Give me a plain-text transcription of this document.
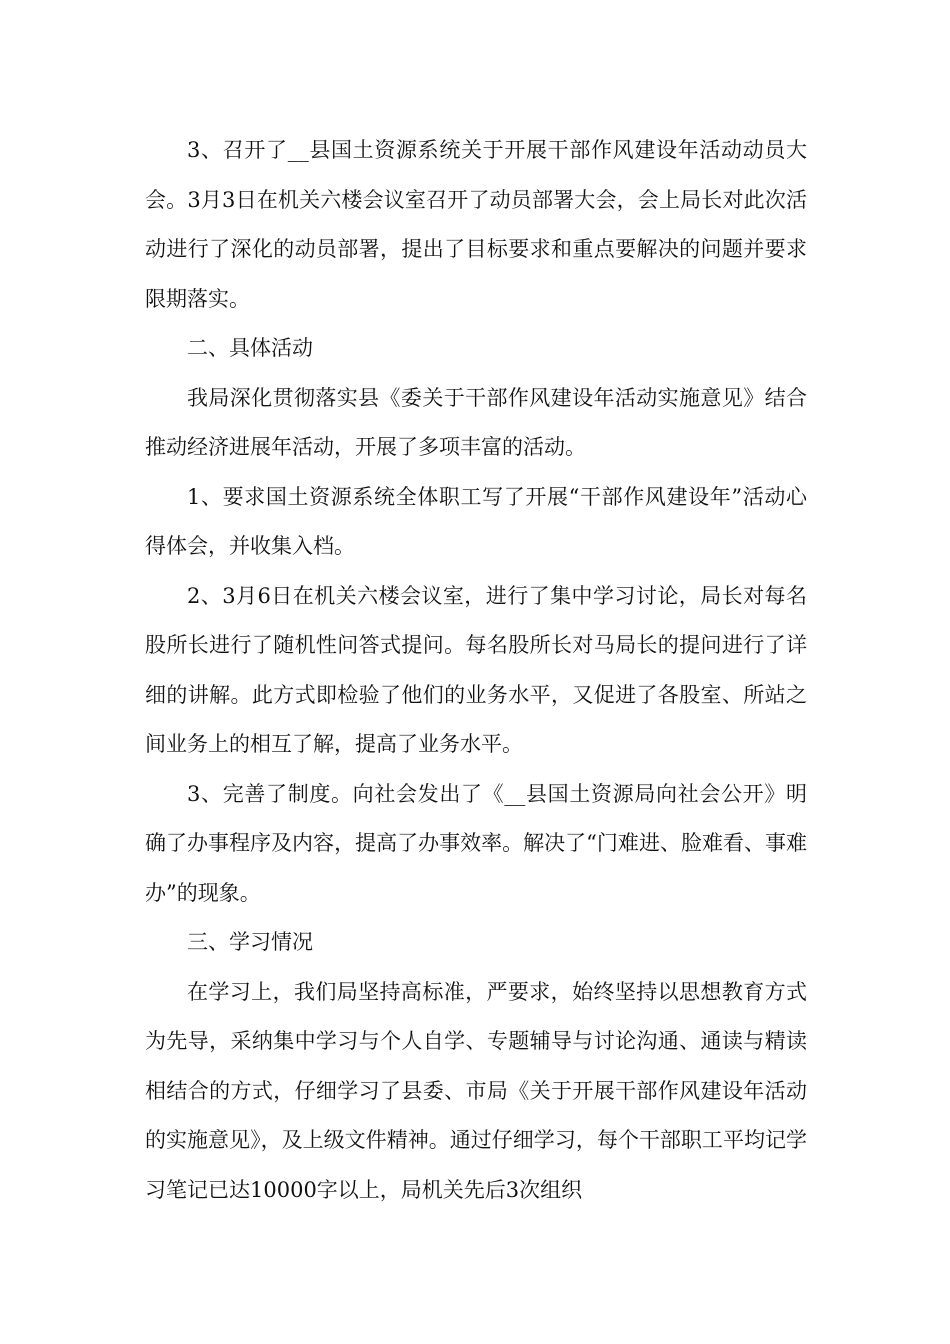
3、召开了__县国土资源系统关于开展干部作风建设年活动动员大会。3月3日在机关六楼会议室召开了动员部署大会，会上局长对此次活动进行了深化的动员部署，提出了目标要求和重点要解决的问题并要求限期落实。

二、具体活动

我局深化贯彻落实县《委关于干部作风建设年活动实施意见》结合推动经济进展年活动，开展了多项丰富的活动。

1、要求国土资源系统全体职工写了开展“干部作风建设年”活动心得体会，并收集入档。

2、3月6日在机关六楼会议室，进行了集中学习讨论，局长对每名股所长进行了随机性问答式提问。每名股所长对马局长的提问进行了详细的讲解。此方式即检验了他们的业务水平，又促进了各股室、所站之间业务上的相互了解，提高了业务水平。

3、完善了制度。向社会发出了《__县国土资源局向社会公开》明确了办事程序及内容，提高了办事效率。解决了“门难进、脸难看、事难办”的现象。

三、学习情况

在学习上，我们局坚持高标准，严要求，始终坚持以思想教育方式为先导，采纳集中学习与个人自学、专题辅导与讨论沟通、通读与精读相结合的方式，仔细学习了县委、市局《关于开展干部作风建设年活动的实施意见》，及上级文件精神。通过仔细学习，每个干部职工平均记学习笔记已达10000字以上，局机关先后3次组织
